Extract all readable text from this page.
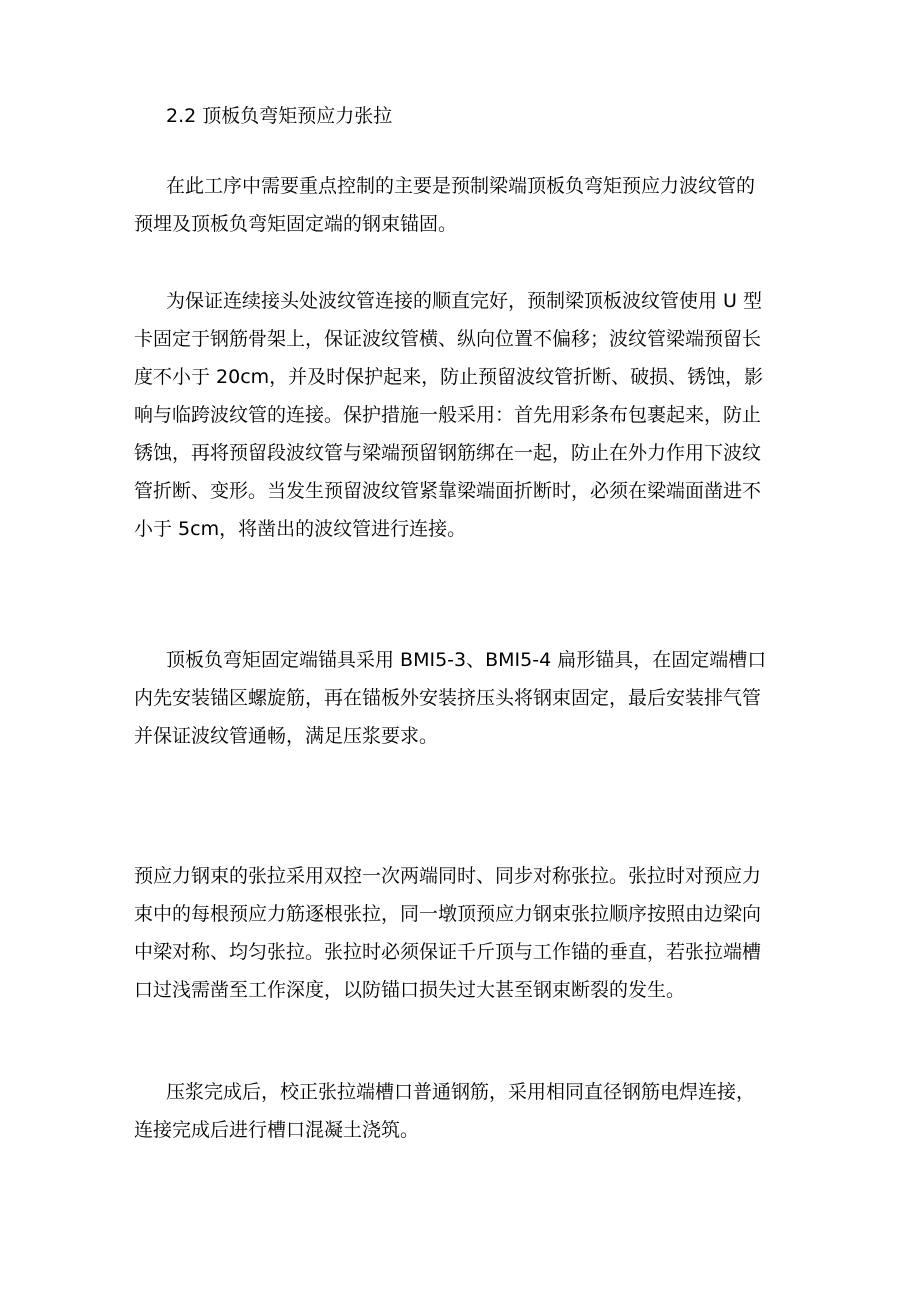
2.2 顶板负弯矩预应力张拉

在此工序中需要重点控制的主要是预制梁端顶板负弯矩预应力波纹管的
预埋及顶板负弯矩固定端的钢束锚固。

为保证连续接头处波纹管连接的顺直完好，预制梁顶板波纹管使用 U 型
卡固定于钢筋骨架上，保证波纹管横、纵向位置不偏移；波纹管梁端预留长
度不小于 20cm，并及时保护起来，防止预留波纹管折断、破损、锈蚀，影
响与临跨波纹管的连接。保护措施一般采用：首先用彩条布包裹起来，防止
锈蚀，再将预留段波纹管与梁端预留钢筋绑在一起，防止在外力作用下波纹
管折断、变形。当发生预留波纹管紧靠梁端面折断时，必须在梁端面凿进不
小于 5cm，将凿出的波纹管进行连接。

顶板负弯矩固定端锚具采用 BMI5-3、BMI5-4 扁形锚具，在固定端槽口
内先安装锚区螺旋筋，再在锚板外安装挤压头将钢束固定，最后安装排气管
并保证波纹管通畅，满足压浆要求。

预应力钢束的张拉采用双控一次两端同时、同步对称张拉。张拉时对预应力
束中的每根预应力筋逐根张拉，同一墩顶预应力钢束张拉顺序按照由边梁向
中梁对称、均匀张拉。张拉时必须保证千斤顶与工作锚的垂直，若张拉端槽
口过浅需凿至工作深度，以防锚口损失过大甚至钢束断裂的发生。

压浆完成后，校正张拉端槽口普通钢筋，采用相同直径钢筋电焊连接，
连接完成后进行槽口混凝土浇筑。
